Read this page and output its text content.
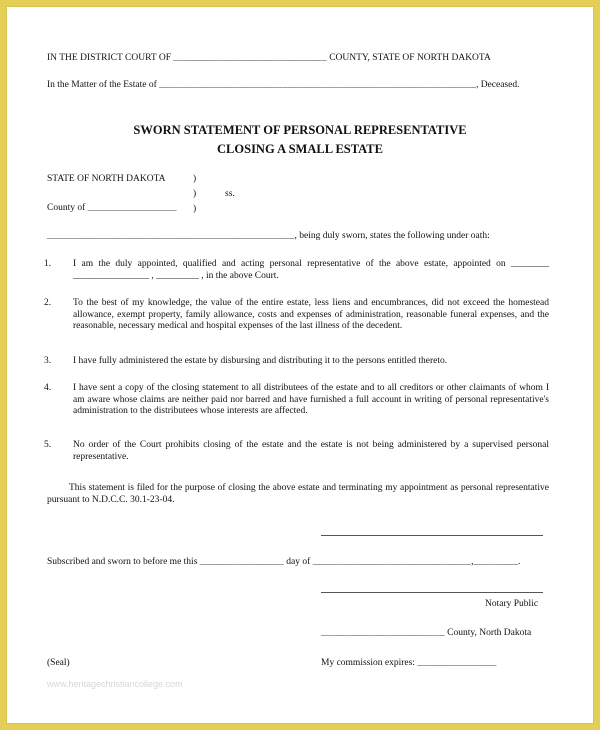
IN THE DISTRICT COURT OF _______________________________ COUNTY, STATE OF NORTH DAKOTA
In the Matter of the Estate of ________________________________________________________________, Deceased.
SWORN STATEMENT OF PERSONAL REPRESENTATIVE
CLOSING A SMALL ESTATE
STATE OF NORTH DAKOTA
County of __________________
)
)
)
ss.
__________________________________________________, being duly sworn, states the following under oath:
1. I am the duly appointed, qualified and acting personal representative of the above estate, appointed on ________ ________________ , _________ , in the above Court.
2. To the best of my knowledge, the value of the entire estate, less liens and encumbrances, did not exceed the homestead allowance, exempt property, family allowance, costs and expenses of administration, reasonable funeral expenses, and the reasonable, necessary medical and hospital expenses of the last illness of the decedent.
3. I have fully administered the estate by disbursing and distributing it to the persons entitled thereto.
4. I have sent a copy of the closing statement to all distributees of the estate and to all creditors or other claimants of whom I am aware whose claims are neither paid nor barred and have furnished a full account in writing of personal representative's administration to the distributees whose interests are affected.
5. No order of the Court prohibits closing of the estate and the estate is not being administered by a supervised personal representative.
This statement is filed for the purpose of closing the above estate and terminating my appointment as personal representative pursuant to N.D.C.C. 30.1-23-04.
Subscribed and sworn to before me this _________________ day of ________________________________,_________.
Notary Public
_________________________ County, North Dakota
(Seal)	My commission expires: ________________
www.heritagechristiancollege.com
